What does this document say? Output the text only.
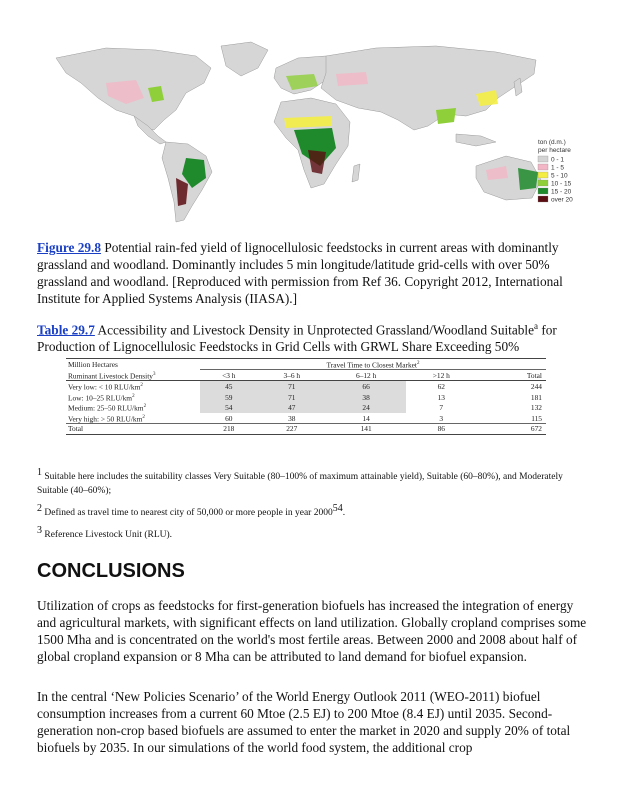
ton (d.m.)
per hectare
0 - 1
1 - 5
5 - 10
10 - 15
15 - 20
over 20
Figure 29.8 Potential rain-fed yield of lignocellulosic feedstocks in current areas with dominantly grassland and woodland. Dominantly includes 5 min longitude/latitude grid-cells with over 50% grassland and woodland. [Reproduced with permission from Ref 36. Copyright 2012, International Institute for Applied Systems Analysis (IIASA).]
Table 29.7 Accessibility and Livestock Density in Unprotected Grassland/Woodland Suitable$^a$ for Production of Lignocellulosic Feedstocks in Grid Cells with GRWL Share Exceeding 50%
Million Hectares	Travel Time to Closest Market$^2$
Ruminant Livestock Density$^3$	<3 h	3–6 h	6–12 h	>12 h	Total
Very low: < 10 RLU/$km^2$	45	71	66	62	244
Low: 10–25 RLU/$km^2$	59	71	38	13	181
Medium: 25–50 RLU/$km^2$	54	47	24	7	132
Very high: > 50 RLU/$km^2$	60	38	14	3	115
Total	218	227	141	86	672
$^1$ Suitable here includes the suitability classes Very Suitable (80–100% of maximum attainable yield), Suitable (60–80%), and Moderately Suitable (40–60%);
$^2$ Defined as travel time to nearest city of 50,000 or more people in year 2000$^{54}$.
$^3$ Reference Livestock Unit (RLU).
CONCLUSIONS

Utilization of crops as feedstocks for first-generation biofuels has increased the integration of energy and agricultural markets, with significant effects on land utilization. Globally cropland comprises some 1500 Mha and is concentrated on the world's most fertile areas. Between 2000 and 2008 about half of global cropland expansion or 8 Mha can be attributed to land demand for biofuel expansion.

In the central ‘New Policies Scenario’ of the World Energy Outlook 2011 (WEO-2011) biofuel consumption increases from a current 60 Mtoe (2.5 EJ) to 200 Mtoe (8.4 EJ) until 2035. Second-generation non-crop based biofuels are assumed to enter the market in 2020 and supply 20% of total biofuels by 2035. In our simulations of the world food system, the additional crop
